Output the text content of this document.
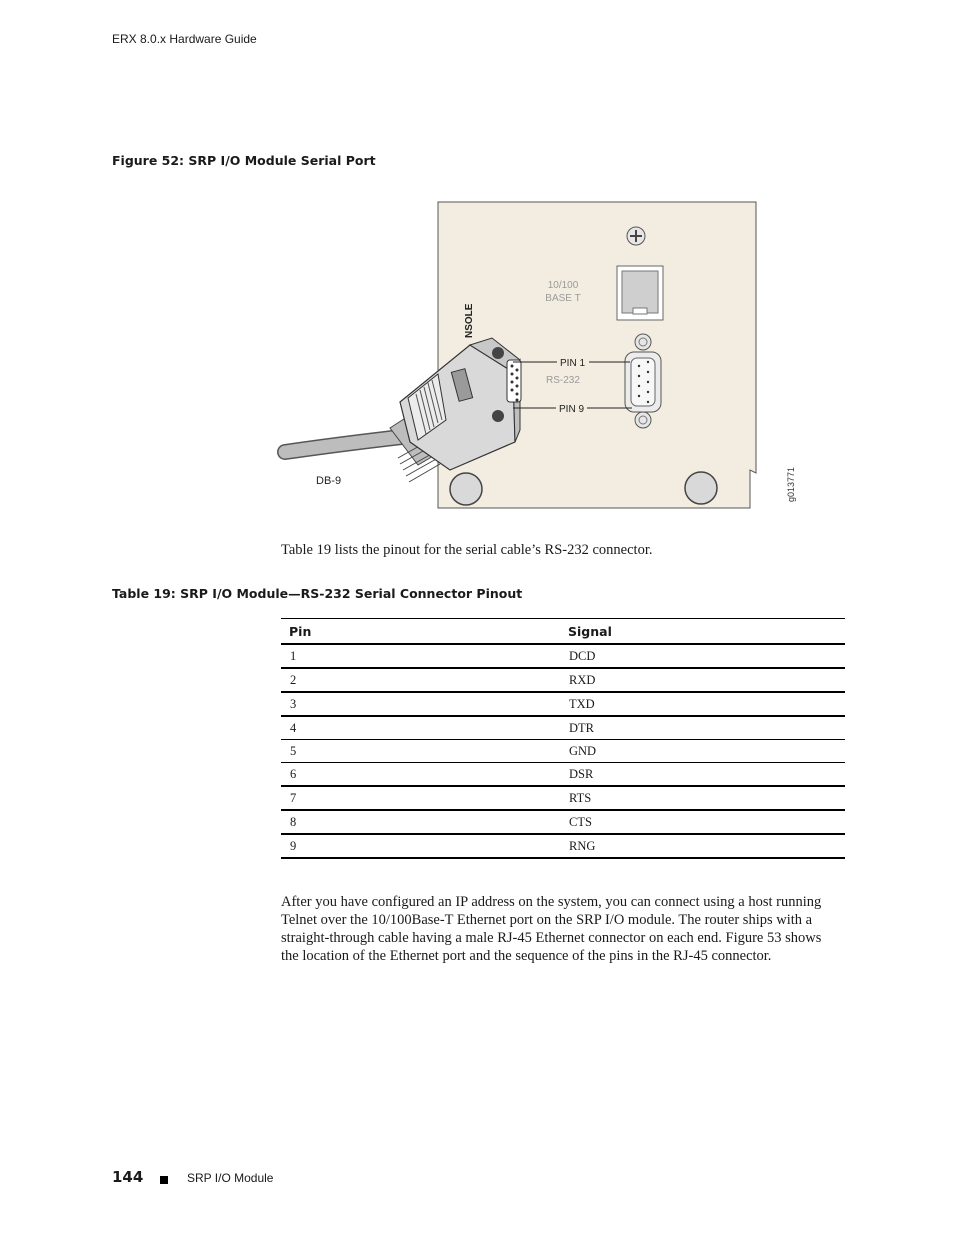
ERX 8.0.x Hardware Guide
Figure 52: SRP I/O Module Serial Port
10/100
BASE T
NSOLE
PIN 1
RS-232
PIN 9
DB-9	g013771

Table 19 lists the pinout for the serial cable’s RS-232 connector.

Table 19: SRP I/O Module—RS-232 Serial Connector Pinout
Pin	Signal
1	DCD
2	RXD
3	TXD
4	DTR
5	GND
6	DSR
7	RTS
8	CTS
9	RNG

After you have configured an IP address on the system, you can connect using a host running Telnet over the 10/100Base-T Ethernet port on the SRP I/O module. The router ships with a straight-through cable having a male RJ-45 Ethernet connector on each end. Figure 53 shows the location of the Ethernet port and the sequence of the pins in the RJ-45 connector.

144	SRP I/O Module
